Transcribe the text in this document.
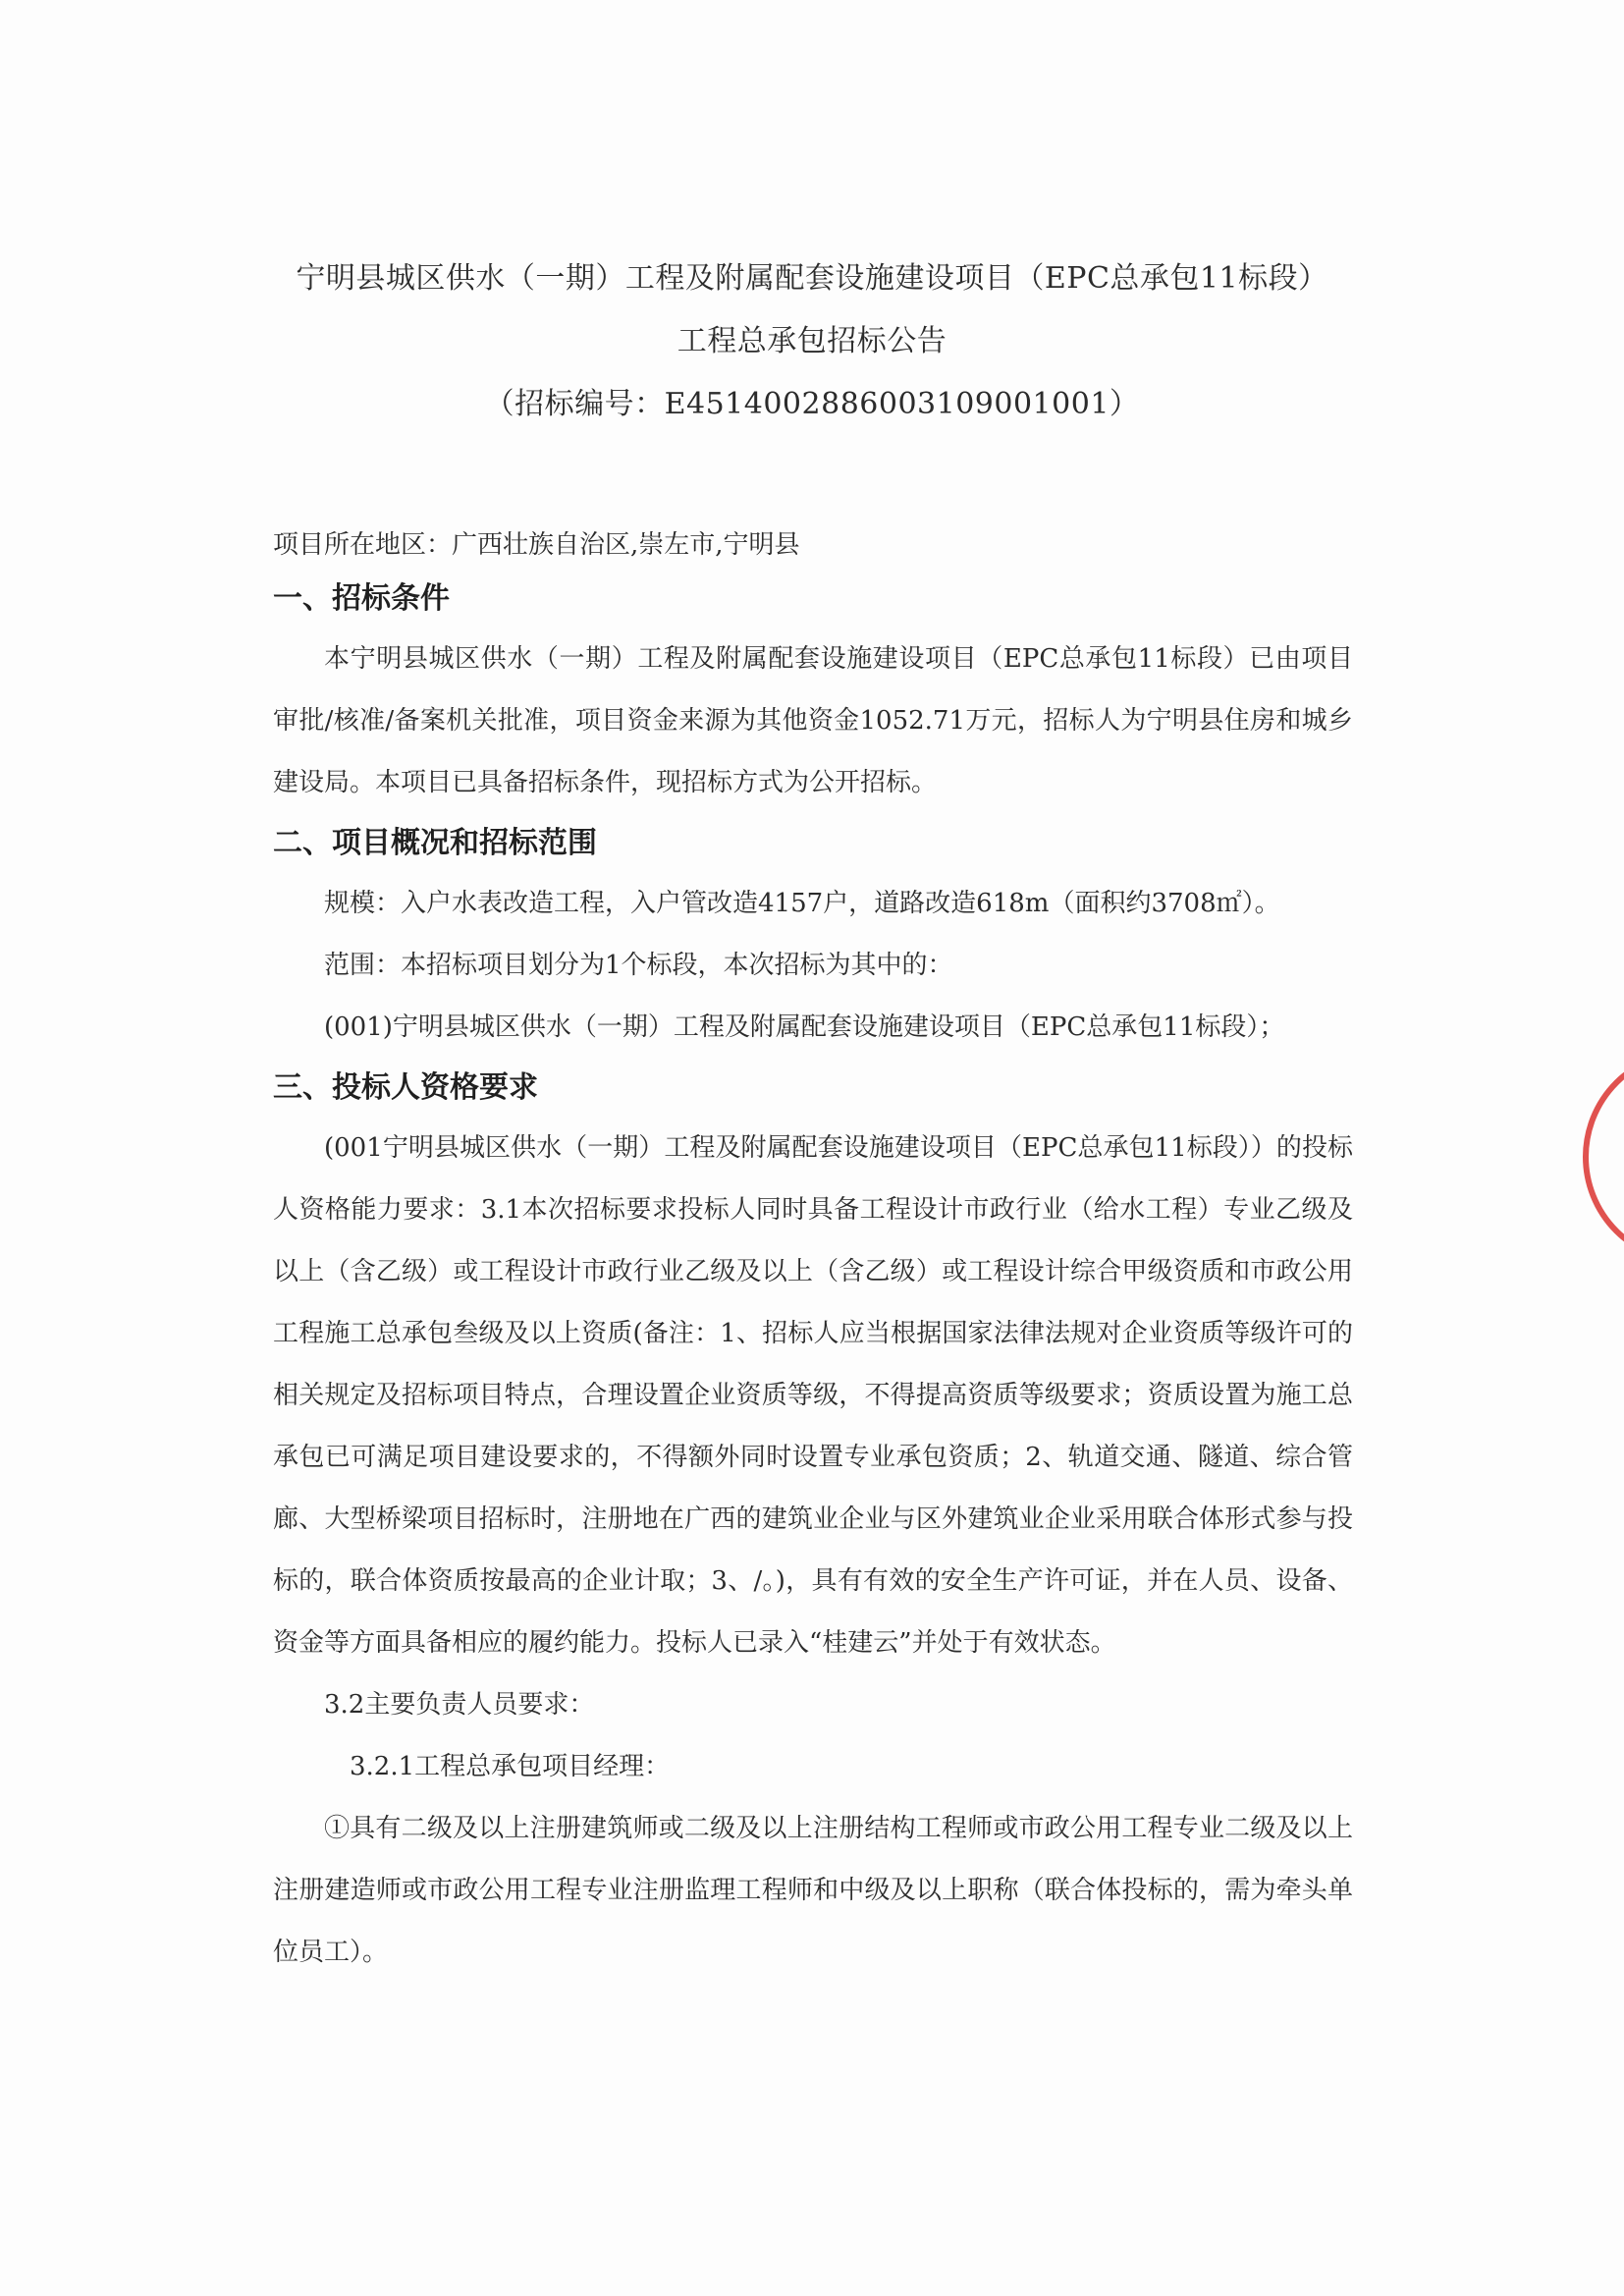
宁明县城区供水（一期）工程及附属配套设施建设项目（EPC总承包11标段）
工程总承包招标公告
（招标编号：E4514002886003109001001）
项目所在地区：广西壮族自治区,崇左市,宁明县
一、招标条件

本宁明县城区供水（一期）工程及附属配套设施建设项目（EPC总承包11标段）已由项目审批/核准/备案机关批准，项目资金来源为其他资金1052.71万元，招标人为宁明县住房和城乡建设局。本项目已具备招标条件，现招标方式为公开招标。

二、项目概况和招标范围
规模：入户水表改造工程，入户管改造4157户，道路改造618m（面积约3708㎡）。
范围：本招标项目划分为1个标段，本次招标为其中的：
(001)宁明县城区供水（一期）工程及附属配套设施建设项目（EPC总承包11标段）；
三、投标人资格要求

(001宁明县城区供水（一期）工程及附属配套设施建设项目（EPC总承包11标段））的投标人资格能力要求：3.1本次招标要求投标人同时具备工程设计市政行业（给水工程）专业乙级及以上（含乙级）或工程设计市政行业乙级及以上（含乙级）或工程设计综合甲级资质和市政公用工程施工总承包叁级及以上资质(备注：1、招标人应当根据国家法律法规对企业资质等级许可的相关规定及招标项目特点，合理设置企业资质等级，不得提高资质等级要求；资质设置为施工总承包已可满足项目建设要求的，不得额外同时设置专业承包资质；2、轨道交通、隧道、综合管廊、大型桥梁项目招标时，注册地在广西的建筑业企业与区外建筑业企业采用联合体形式参与投标的，联合体资质按最高的企业计取；3、/。)，具有有效的安全生产许可证，并在人员、设备、资金等方面具备相应的履约能力。投标人已录入“桂建云”并处于有效状态。

3.2主要负责人员要求：
3.2.1工程总承包项目经理：

①具有二级及以上注册建筑师或二级及以上注册结构工程师或市政公用工程专业二级及以上注册建造师或市政公用工程专业注册监理工程师和中级及以上职称（联合体投标的，需为牵头单位员工）。
